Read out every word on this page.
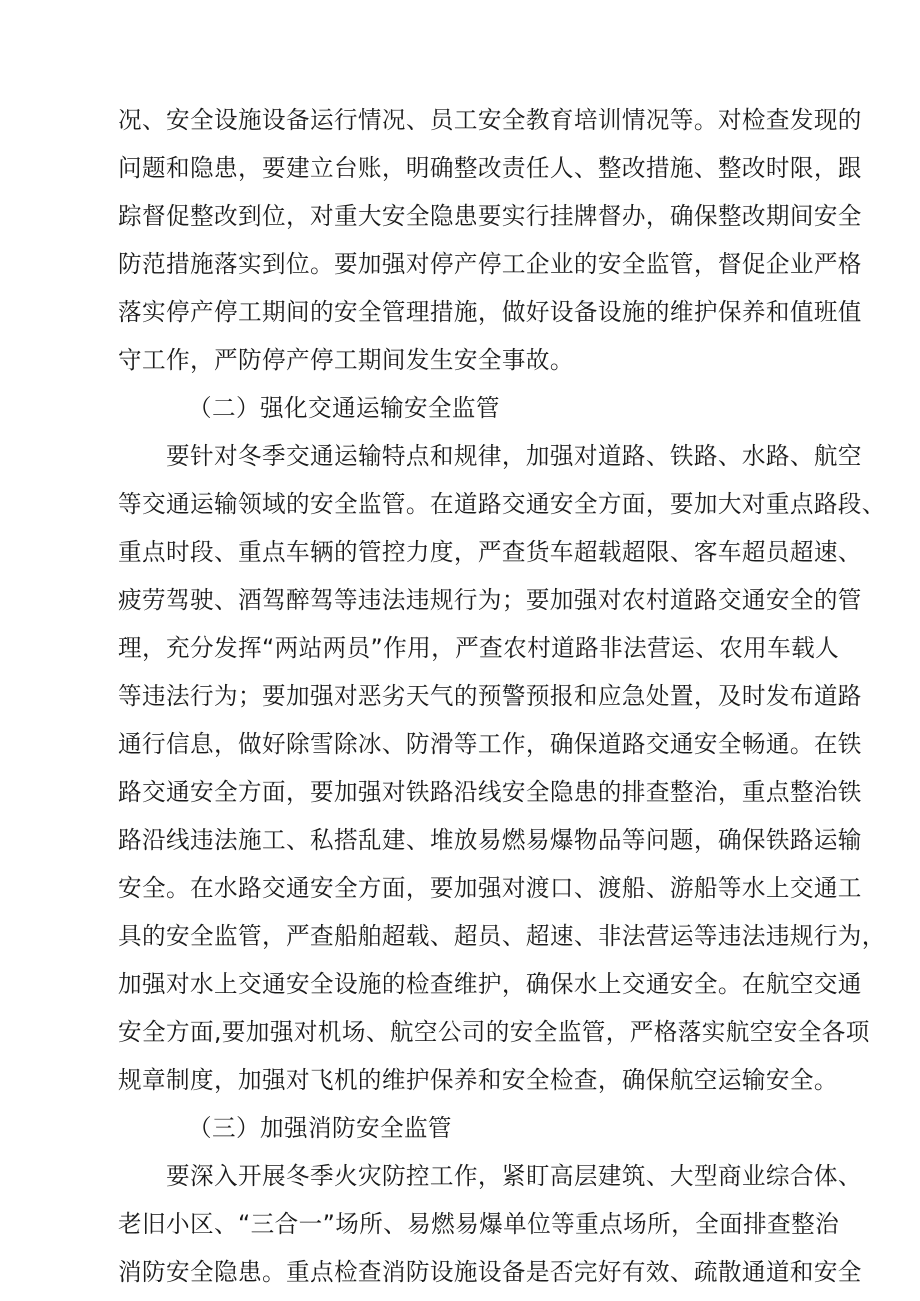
况、安全设施设备运行情况、员工安全教育培训情况等。对检查发现的
问题和隐患，要建立台账，明确整改责任人、整改措施、整改时限，跟
踪督促整改到位，对重大安全隐患要实行挂牌督办，确保整改期间安全
防范措施落实到位。要加强对停产停工企业的安全监管，督促企业严格
落实停产停工期间的安全管理措施，做好设备设施的维护保养和值班值
守工作，严防停产停工期间发生安全事故。
（二）强化交通运输安全监管
要针对冬季交通运输特点和规律，加强对道路、铁路、水路、航空
等交通运输领域的安全监管。在道路交通安全方面，要加大对重点路段、
重点时段、重点车辆的管控力度，严查货车超载超限、客车超员超速、
疲劳驾驶、酒驾醉驾等违法违规行为；要加强对农村道路交通安全的管
理，充分发挥“两站两员”作用，严查农村道路非法营运、农用车载人
等违法行为；要加强对恶劣天气的预警预报和应急处置，及时发布道路
通行信息，做好除雪除冰、防滑等工作，确保道路交通安全畅通。在铁
路交通安全方面，要加强对铁路沿线安全隐患的排查整治，重点整治铁
路沿线违法施工、私搭乱建、堆放易燃易爆物品等问题，确保铁路运输
安全。在水路交通安全方面，要加强对渡口、渡船、游船等水上交通工
具的安全监管，严查船舶超载、超员、超速、非法营运等违法违规行为，
加强对水上交通安全设施的检查维护，确保水上交通安全。在航空交通
安全方面,要加强对机场、航空公司的安全监管，严格落实航空安全各项
规章制度，加强对飞机的维护保养和安全检查，确保航空运输安全。
（三）加强消防安全监管
要深入开展冬季火灾防控工作，紧盯高层建筑、大型商业综合体、
老旧小区、“三合一”场所、易燃易爆单位等重点场所，全面排查整治
消防安全隐患。重点检查消防设施设备是否完好有效、疏散通道和安全
